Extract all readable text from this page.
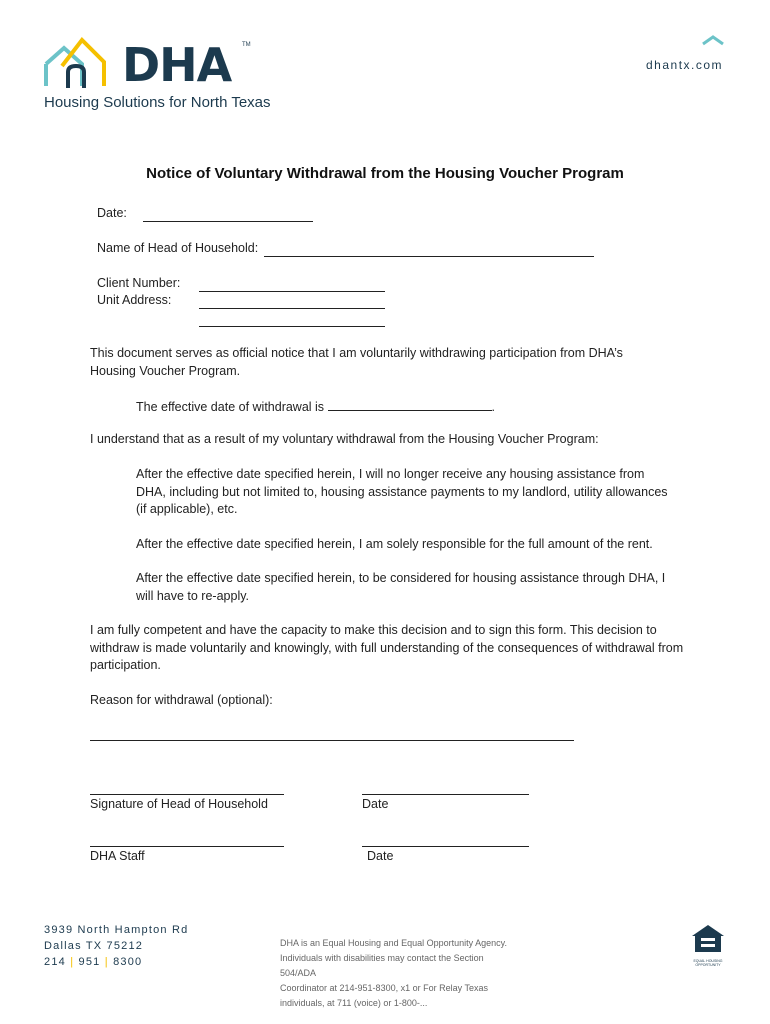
DHA TM
Housing Solutions for North Texas
dhantx.com
Notice of Voluntary Withdrawal from the Housing Voucher Program
Date:
Name of Head of Household:
Client Number:
Unit Address:
This document serves as official notice that I am voluntarily withdrawing participation from DHA’s Housing Voucher Program.
The effective date of withdrawal is	.
I understand that as a result of my voluntary withdrawal from the Housing Voucher Program:
After the effective date specified herein, I will no longer receive any housing assistance from DHA, including but not limited to, housing assistance payments to my landlord, utility allowances (if applicable), etc.
After the effective date specified herein, I am solely responsible for the full amount of the rent.
After the effective date specified herein, to be considered for housing assistance through DHA, I will have to re-apply.
I am fully competent and have the capacity to make this decision and to sign this form. This decision to withdraw is made voluntarily and knowingly, with full understanding of the consequences of withdrawal from participation.
Reason for withdrawal (optional):
Signature of Head of Household	Date
DHA Staff	Date
3939 North Hampton Rd
Dallas TX 75212
214 | 951 | 8300
DHA is an Equal Housing and Equal Opportunity Agency.
Individuals with disabilities may contact the Section 504/ADA
Coordinator at 214-951-8300, x1 or For Relay Texas
individuals, at 711 (voice) or 1-800-...
EQUAL HOUSING OPPORTUNITY
